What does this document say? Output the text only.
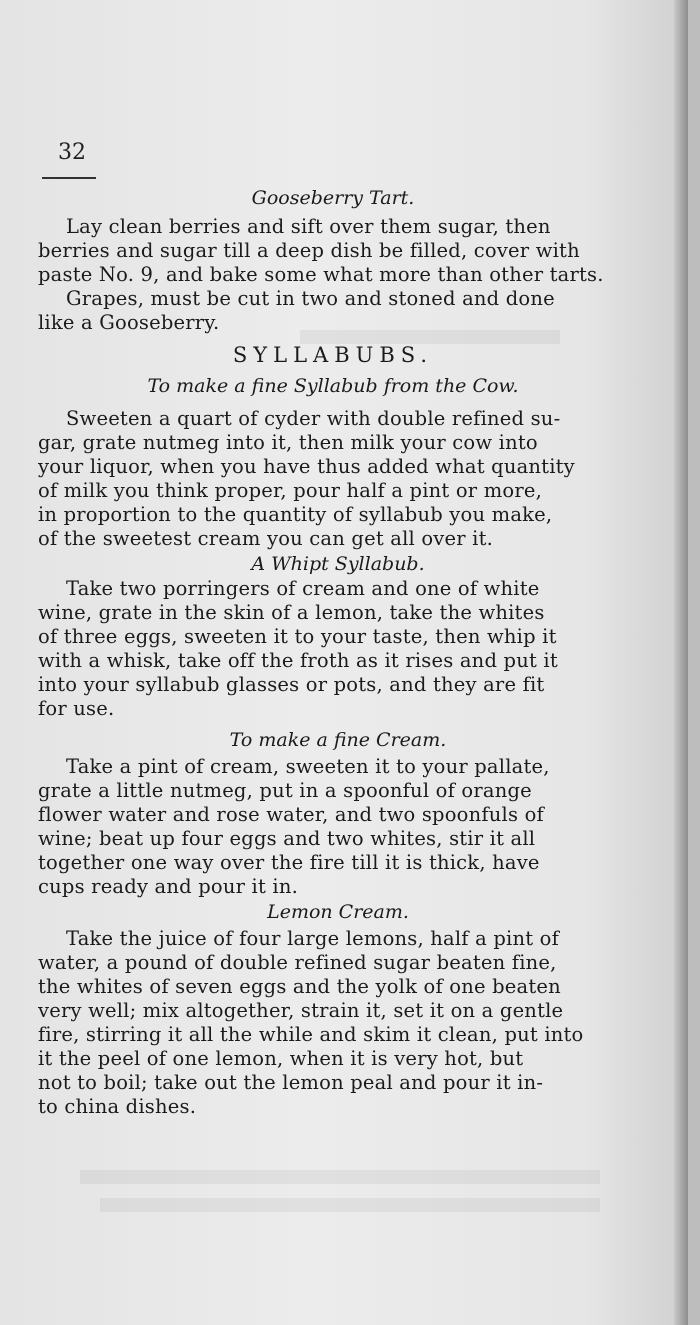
32

Gooseberry Tart.

Lay clean berries and sift over them sugar, then

berries and sugar till a deep dish be filled, cover with

paste No. 9, and bake some what more than other tarts.

Grapes, must be cut in two and stoned and done

like a Gooseberry.

SYLLABUBS.

To make a fine Syllabub from the Cow.

Sweeten a quart of cyder with double refined su-

gar, grate nutmeg into it, then milk your cow into

your liquor, when you have thus added what quantity

of milk you think proper, pour half a pint or more,

in proportion to the quantity of syllabub you make,

of the sweetest cream you can get all over it.

A Whipt Syllabub.

Take two porringers of cream and one of white

wine, grate in the skin of a lemon, take the whites

of three eggs, sweeten it to your taste, then whip it

with a whisk, take off the froth as it rises and put it

into your syllabub glasses or pots, and they are fit

for use.

To make a fine Cream.

Take a pint of cream, sweeten it to your pallate,

grate a little nutmeg, put in a spoonful of orange

flower water and rose water, and two spoonfuls of

wine; beat up four eggs and two whites, stir it all

together one way over the fire till it is thick, have

cups ready and pour it in.

Lemon Cream.

Take the juice of four large lemons, half a pint of

water, a pound of double refined sugar beaten fine,

the whites of seven eggs and the yolk of one beaten

very well; mix altogether, strain it, set it on a gentle

fire, stirring it all the while and skim it clean, put into

it the peel of one lemon, when it is very hot, but

not to boil; take out the lemon peal and pour it in-

to china dishes.
